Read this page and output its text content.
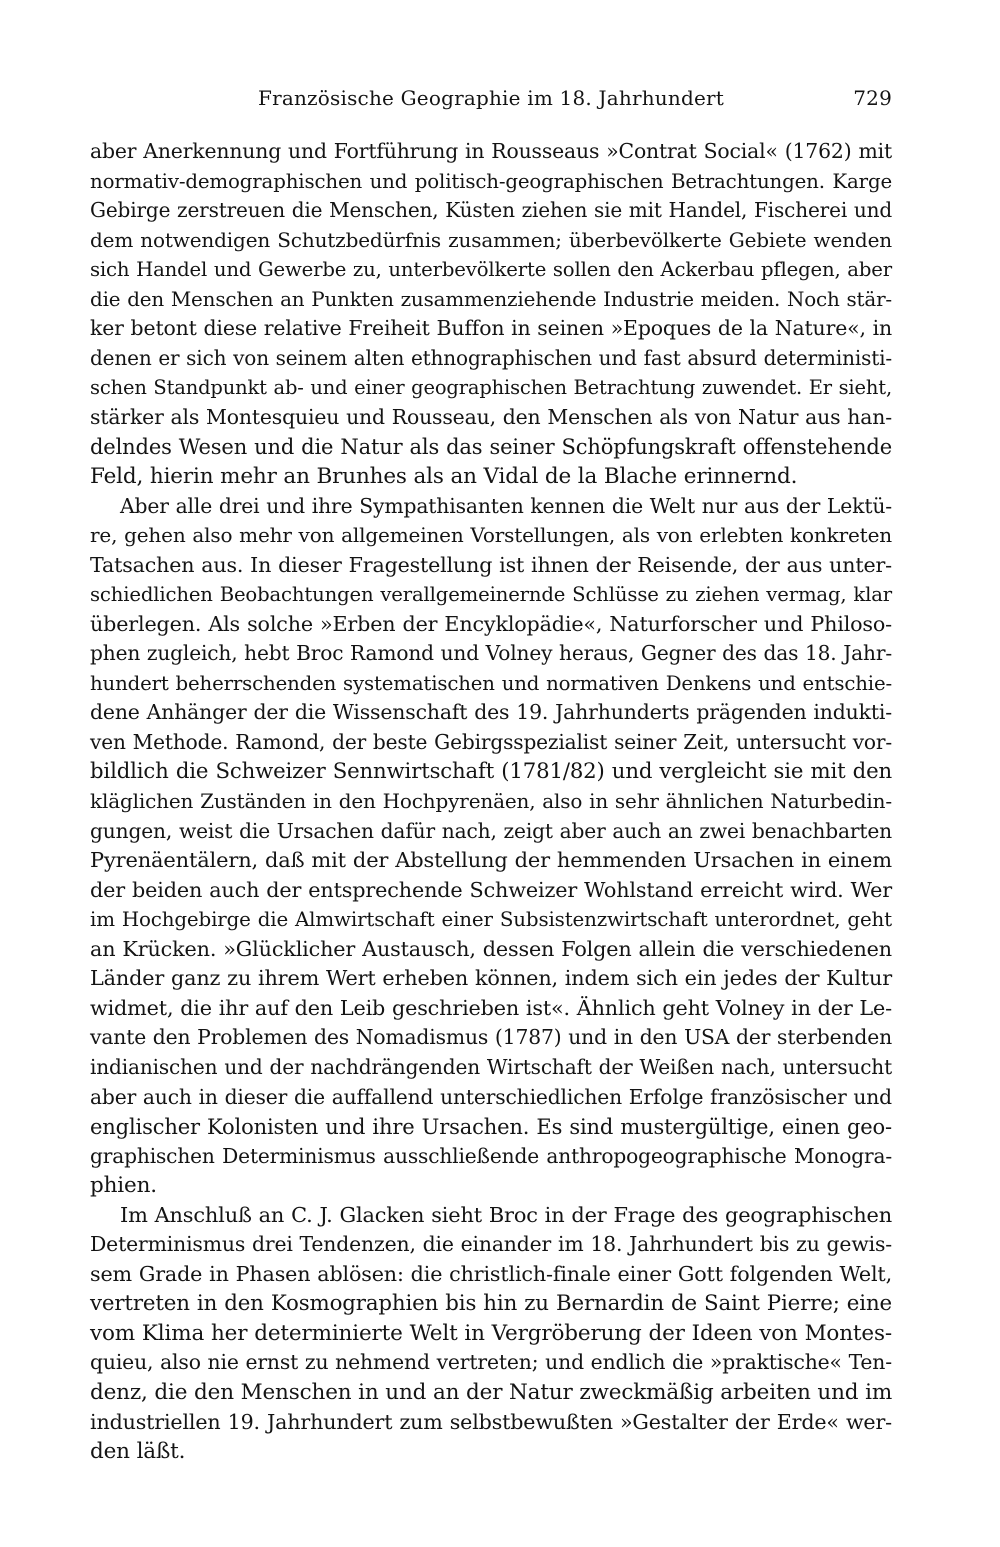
Französische Geographie im 18. Jahrhundert	729

aber Anerkennung und Fortführung in Rousseaus »Contrat Social« (1762) mit
normativ-demographischen und politisch-geographischen Betrachtungen. Karge
Gebirge zerstreuen die Menschen, Küsten ziehen sie mit Handel, Fischerei und
dem notwendigen Schutzbedürfnis zusammen; überbevölkerte Gebiete wenden
sich Handel und Gewerbe zu, unterbevölkerte sollen den Ackerbau pflegen, aber
die den Menschen an Punkten zusammenziehende Industrie meiden. Noch stär-
ker betont diese relative Freiheit Buffon in seinen »Epoques de la Nature«, in
denen er sich von seinem alten ethnographischen und fast absurd deterministi-
schen Standpunkt ab- und einer geographischen Betrachtung zuwendet. Er sieht,
stärker als Montesquieu und Rousseau, den Menschen als von Natur aus han-
delndes Wesen und die Natur als das seiner Schöpfungskraft offenstehende
Feld, hierin mehr an Brunhes als an Vidal de la Blache erinnernd.

Aber alle drei und ihre Sympathisanten kennen die Welt nur aus der Lektü-
re, gehen also mehr von allgemeinen Vorstellungen, als von erlebten konkreten
Tatsachen aus. In dieser Fragestellung ist ihnen der Reisende, der aus unter-
schiedlichen Beobachtungen verallgemeinernde Schlüsse zu ziehen vermag, klar
überlegen. Als solche »Erben der Encyklopädie«, Naturforscher und Philoso-
phen zugleich, hebt Broc Ramond und Volney heraus, Gegner des das 18. Jahr-
hundert beherrschenden systematischen und normativen Denkens und entschie-
dene Anhänger der die Wissenschaft des 19. Jahrhunderts prägenden indukti-
ven Methode. Ramond, der beste Gebirgsspezialist seiner Zeit, untersucht vor-
bildlich die Schweizer Sennwirtschaft (1781/82) und vergleicht sie mit den
kläglichen Zuständen in den Hochpyrenäen, also in sehr ähnlichen Naturbedin-
gungen, weist die Ursachen dafür nach, zeigt aber auch an zwei benachbarten
Pyrenäentälern, daß mit der Abstellung der hemmenden Ursachen in einem
der beiden auch der entsprechende Schweizer Wohlstand erreicht wird. Wer
im Hochgebirge die Almwirtschaft einer Subsistenzwirtschaft unterordnet, geht
an Krücken. »Glücklicher Austausch, dessen Folgen allein die verschiedenen
Länder ganz zu ihrem Wert erheben können, indem sich ein jedes der Kultur
widmet, die ihr auf den Leib geschrieben ist«. Ähnlich geht Volney in der Le-
vante den Problemen des Nomadismus (1787) und in den USA der sterbenden
indianischen und der nachdrängenden Wirtschaft der Weißen nach, untersucht
aber auch in dieser die auffallend unterschiedlichen Erfolge französischer und
englischer Kolonisten und ihre Ursachen. Es sind mustergültige, einen geo-
graphischen Determinismus ausschließende anthropogeographische Monogra-
phien.

Im Anschluß an C. J. Glacken sieht Broc in der Frage des geographischen
Determinismus drei Tendenzen, die einander im 18. Jahrhundert bis zu gewis-
sem Grade in Phasen ablösen: die christlich-finale einer Gott folgenden Welt,
vertreten in den Kosmographien bis hin zu Bernardin de Saint Pierre; eine
vom Klima her determinierte Welt in Vergröberung der Ideen von Montes-
quieu, also nie ernst zu nehmend vertreten; und endlich die »praktische« Ten-
denz, die den Menschen in und an der Natur zweckmäßig arbeiten und im
industriellen 19. Jahrhundert zum selbstbewußten »Gestalter der Erde« wer-
den läßt.
